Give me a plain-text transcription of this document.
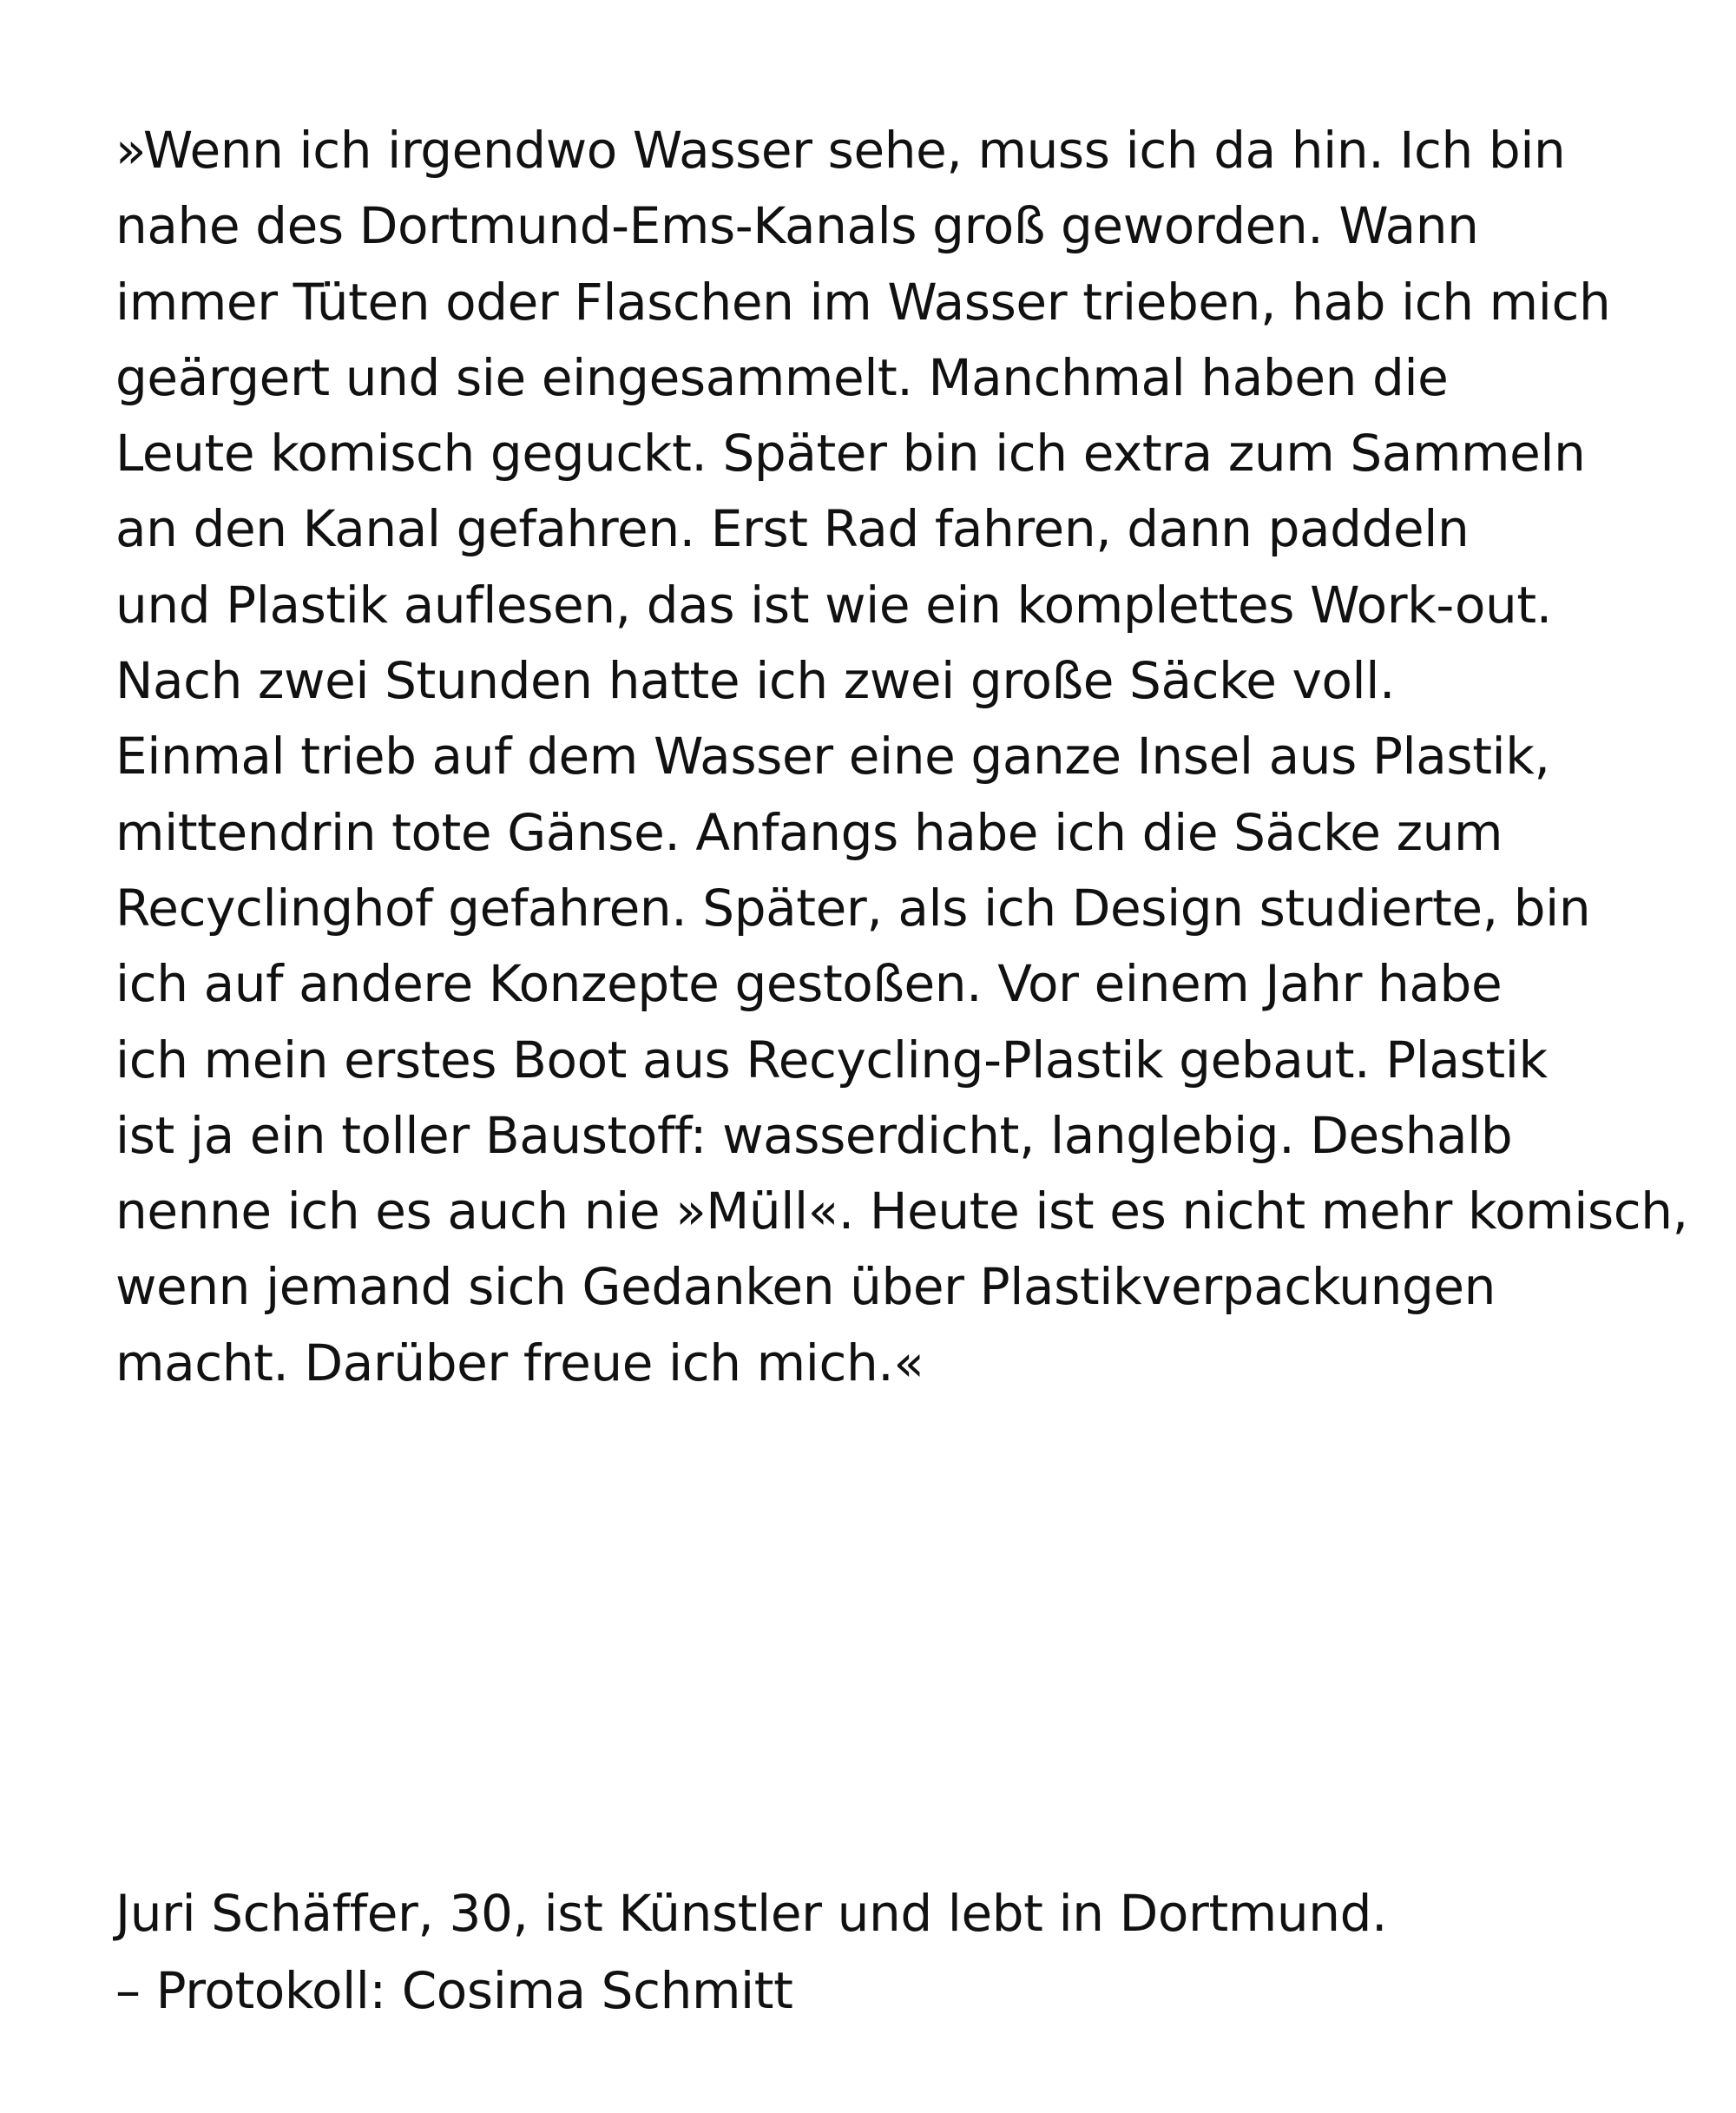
»Wenn ich irgendwo Wasser sehe, muss ich da hin. Ich bin
nahe des Dortmund-Ems-Kanals groß geworden. Wann
immer Tüten oder Flaschen im Wasser trieben, hab ich mich
geärgert und sie eingesammelt. Manchmal haben die
Leute komisch geguckt. Später bin ich extra zum Sammeln
an den Kanal gefahren. Erst Rad fahren, dann paddeln
und Plastik auflesen, das ist wie ein komplettes Work-out.
Nach zwei Stunden hatte ich zwei große Säcke voll.
Einmal trieb auf dem Wasser eine ganze Insel aus Plastik,
mittendrin tote Gänse. Anfangs habe ich die Säcke zum
Recyclinghof gefahren. Später, als ich Design studierte, bin
ich auf andere Konzepte gestoßen. Vor einem Jahr habe
ich mein erstes Boot aus Recycling-Plastik gebaut. Plastik
ist ja ein toller Baustoff: wasserdicht, langlebig. Deshalb
nenne ich es auch nie »Müll«. Heute ist es nicht mehr komisch,
wenn jemand sich Gedanken über Plastikverpackungen
macht. Darüber freue ich mich.«
Juri Schäffer, 30, ist Künstler und lebt in Dortmund.
– Protokoll: Cosima Schmitt
